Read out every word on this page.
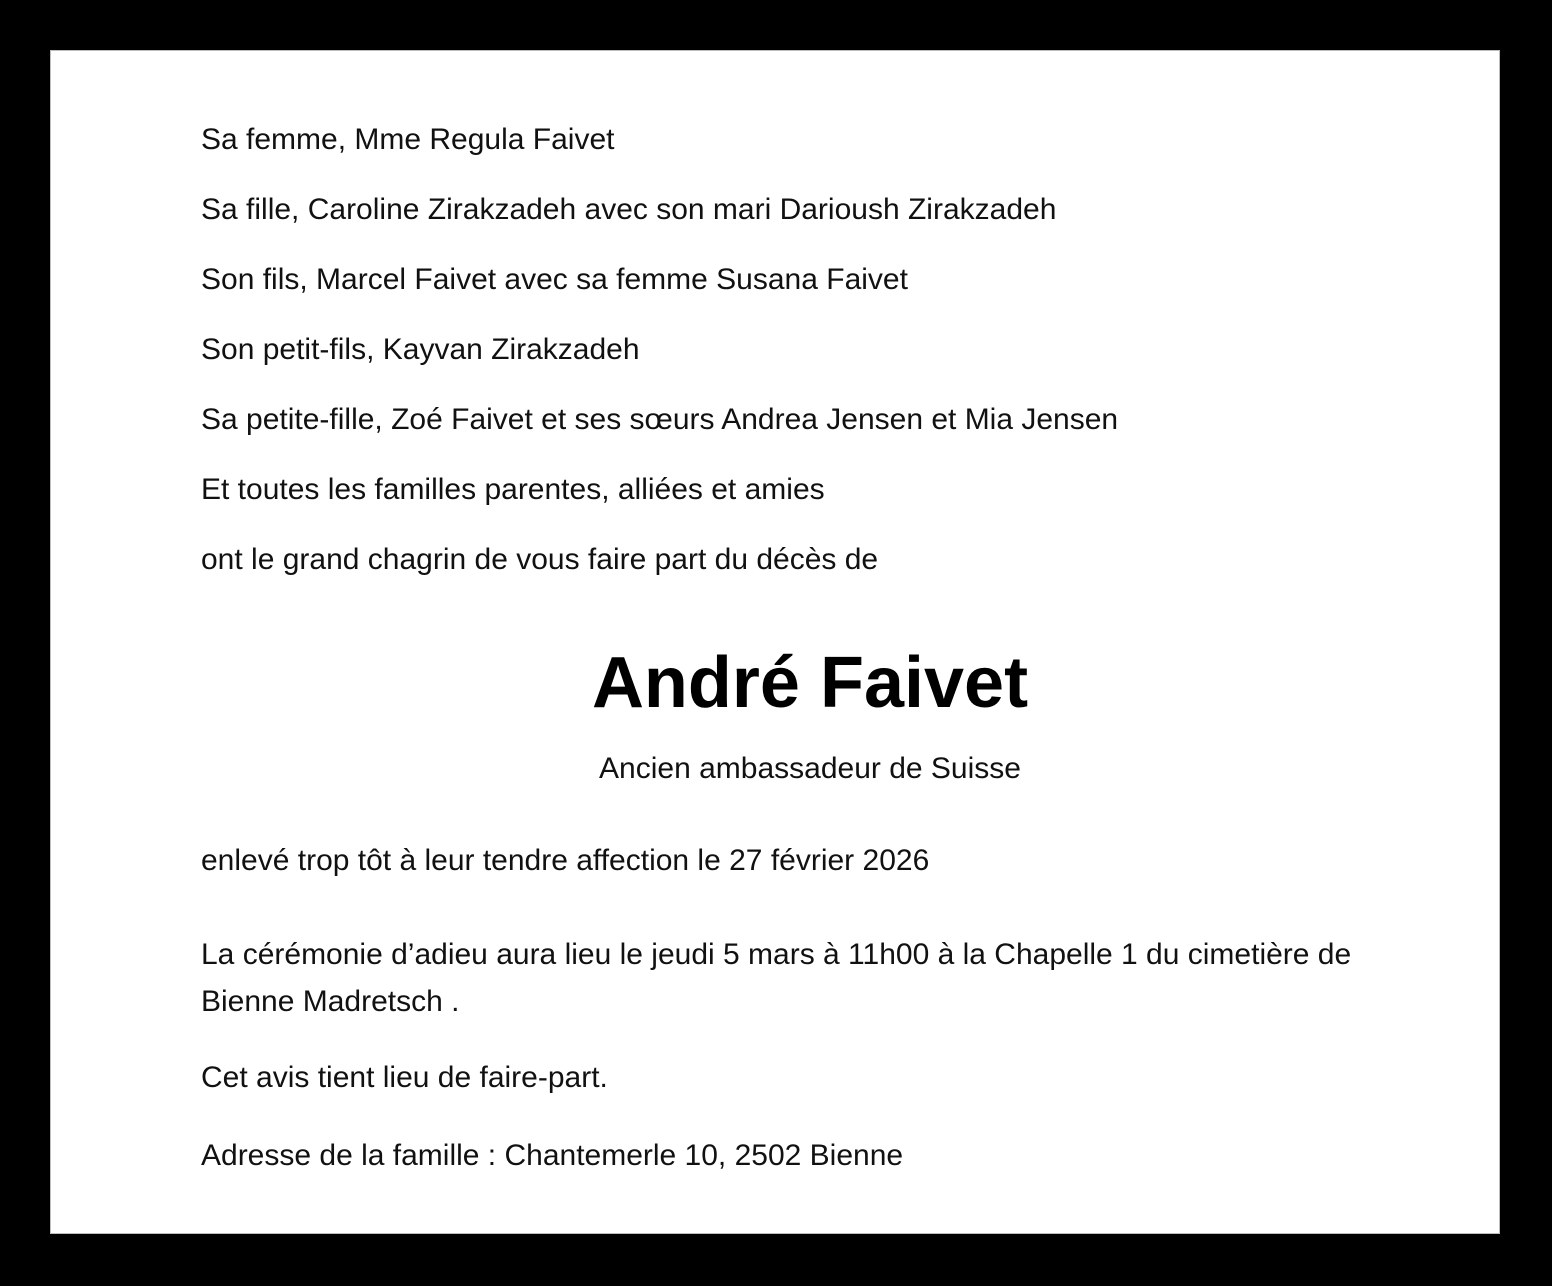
Sa femme, Mme Regula Faivet

Sa fille, Caroline Zirakzadeh avec son mari Darioush Zirakzadeh

Son fils, Marcel Faivet avec sa femme Susana Faivet

Son petit-fils, Kayvan Zirakzadeh

Sa petite-fille, Zoé Faivet et ses sœurs Andrea Jensen et Mia Jensen

Et toutes les familles parentes, alliées et amies

ont le grand chagrin de vous faire part du décès de

André Faivet

Ancien ambassadeur de Suisse

enlevé trop tôt à leur tendre affection le 27 février 2026

La cérémonie d’adieu aura lieu le jeudi 5 mars à 11h00 à la Chapelle 1 du cimetière de Bienne Madretsch .

Cet avis tient lieu de faire-part.

Adresse de la famille : Chantemerle 10, 2502 Bienne
